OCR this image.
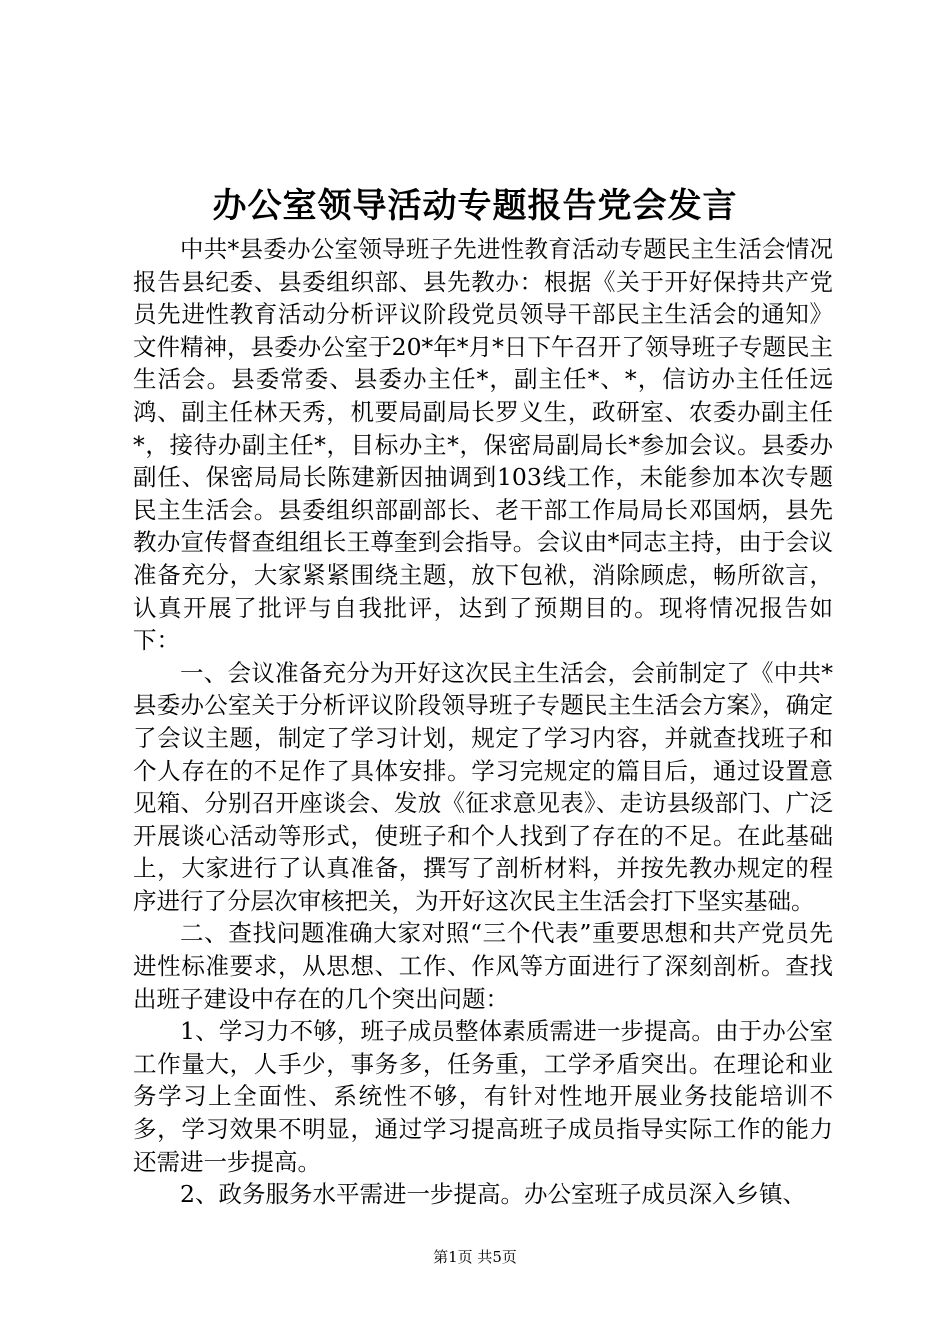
办公室领导活动专题报告党会发言

中共*县委办公室领导班子先进性教育活动专题民主生活会情况报告县纪委、县委组织部、县先教办：根据《关于开好保持共产党员先进性教育活动分析评议阶段党员领导干部民主生活会的通知》文件精神，县委办公室于20*年*月*日下午召开了领导班子专题民主生活会。县委常委、县委办主任*，副主任*、*，信访办主任任远鸿、副主任林天秀，机要局副局长罗义生，政研室、农委办副主任*，接待办副主任*，目标办主*，保密局副局长*参加会议。县委办副任、保密局局长陈建新因抽调到103线工作，未能参加本次专题民主生活会。县委组织部副部长、老干部工作局局长邓国炳，县先教办宣传督查组组长王尊奎到会指导。会议由*同志主持，由于会议准备充分，大家紧紧围绕主题，放下包袱，消除顾虑，畅所欲言，认真开展了批评与自我批评，达到了预期目的。现将情况报告如下：

一、会议准备充分为开好这次民主生活会，会前制定了《中共*县委办公室关于分析评议阶段领导班子专题民主生活会方案》，确定了会议主题，制定了学习计划，规定了学习内容，并就查找班子和个人存在的不足作了具体安排。学习完规定的篇目后，通过设置意见箱、分别召开座谈会、发放《征求意见表》、走访县级部门、广泛开展谈心活动等形式，使班子和个人找到了存在的不足。在此基础上，大家进行了认真准备，撰写了剖析材料，并按先教办规定的程序进行了分层次审核把关，为开好这次民主生活会打下坚实基础。

二、查找问题准确大家对照“三个代表”重要思想和共产党员先进性标准要求，从思想、工作、作风等方面进行了深刻剖析。查找出班子建设中存在的几个突出问题：

1、学习力不够，班子成员整体素质需进一步提高。由于办公室工作量大，人手少，事务多，任务重，工学矛盾突出。在理论和业务学习上全面性、系统性不够，有针对性地开展业务技能培训不多，学习效果不明显，通过学习提高班子成员指导实际工作的能力还需进一步提高。

2、政务服务水平需进一步提高。办公室班子成员深入乡镇、

第1页 共5页
